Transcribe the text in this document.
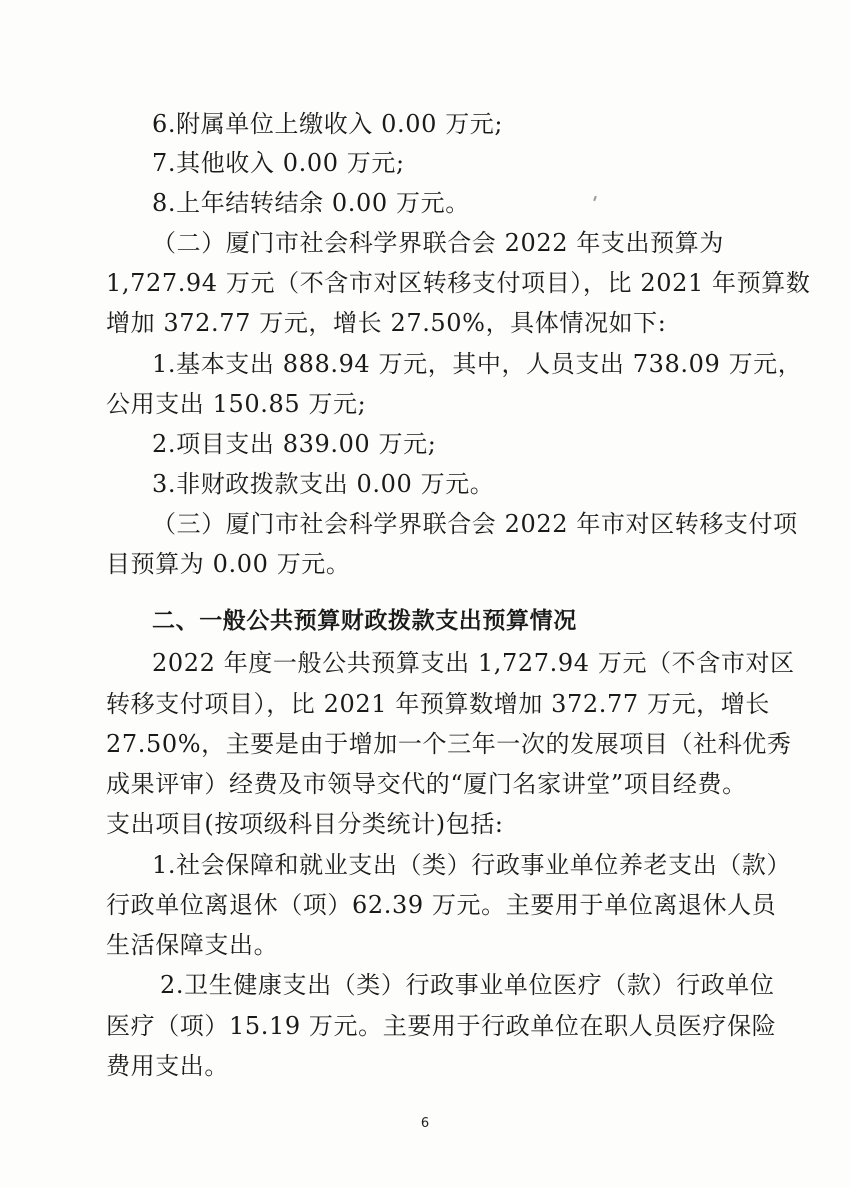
6.附属单位上缴收入 0.00 万元;
7.其他收入 0.00 万元;
8.上年结转结余 0.00 万元。
（二）厦门市社会科学界联合会 2022 年支出预算为
1,727.94 万元（不含市对区转移支付项目），比 2021 年预算数
增加 372.77 万元，增长 27.50%，具体情况如下:
1.基本支出 888.94 万元，其中，人员支出 738.09 万元，
公用支出 150.85 万元;
2.项目支出 839.00 万元;
3.非财政拨款支出 0.00 万元。
（三）厦门市社会科学界联合会 2022 年市对区转移支付项
目预算为 0.00 万元。
二、一般公共预算财政拨款支出预算情况
2022 年度一般公共预算支出 1,727.94 万元（不含市对区
转移支付项目），比 2021 年预算数增加 372.77 万元，增长
27.50%，主要是由于增加一个三年一次的发展项目（社科优秀
成果评审）经费及市领导交代的“厦门名家讲堂”项目经费。
支出项目(按项级科目分类统计)包括:
1.社会保障和就业支出（类）行政事业单位养老支出（款）
行政单位离退休（项）62.39 万元。主要用于单位离退休人员
生活保障支出。
2.卫生健康支出（类）行政事业单位医疗（款）行政单位
医疗（项）15.19 万元。主要用于行政单位在职人员医疗保险
费用支出。
6
